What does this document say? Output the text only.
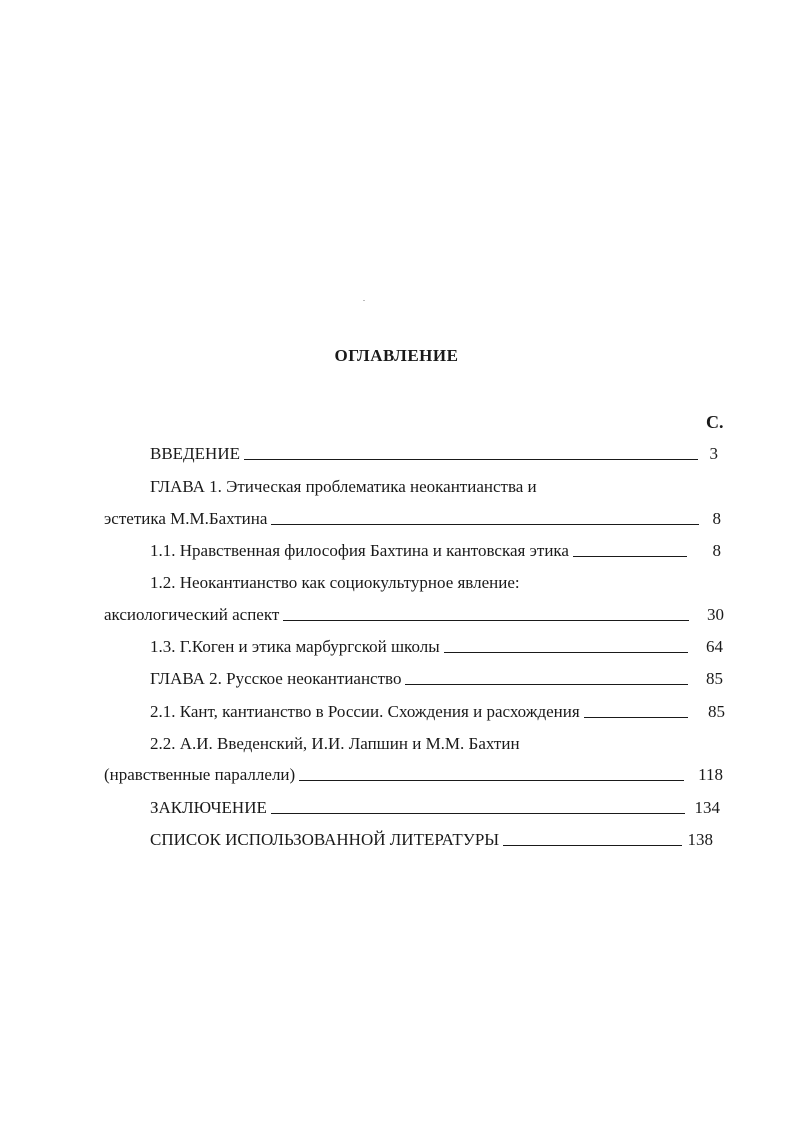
ОГЛАВЛЕНИЕ
С.
ВВЕДЕНИЕ	3
ГЛАВА 1. Этическая проблематика неокантианства и
эстетика М.М.Бахтина	8
1.1. Нравственная философия Бахтина и кантовская этика	8
1.2. Неокантианство как социокультурное явление:
аксиологический аспект	30
1.3. Г.Коген и этика марбургской школы	64
ГЛАВА 2. Русское неокантианство	85
2.1. Кант, кантианство в России. Схождения и расхождения	85
2.2. А.И. Введенский, И.И. Лапшин и М.М. Бахтин
(нравственные параллели)	118
ЗАКЛЮЧЕНИЕ	134
СПИСОК ИСПОЛЬЗОВАННОЙ ЛИТЕРАТУРЫ	138
